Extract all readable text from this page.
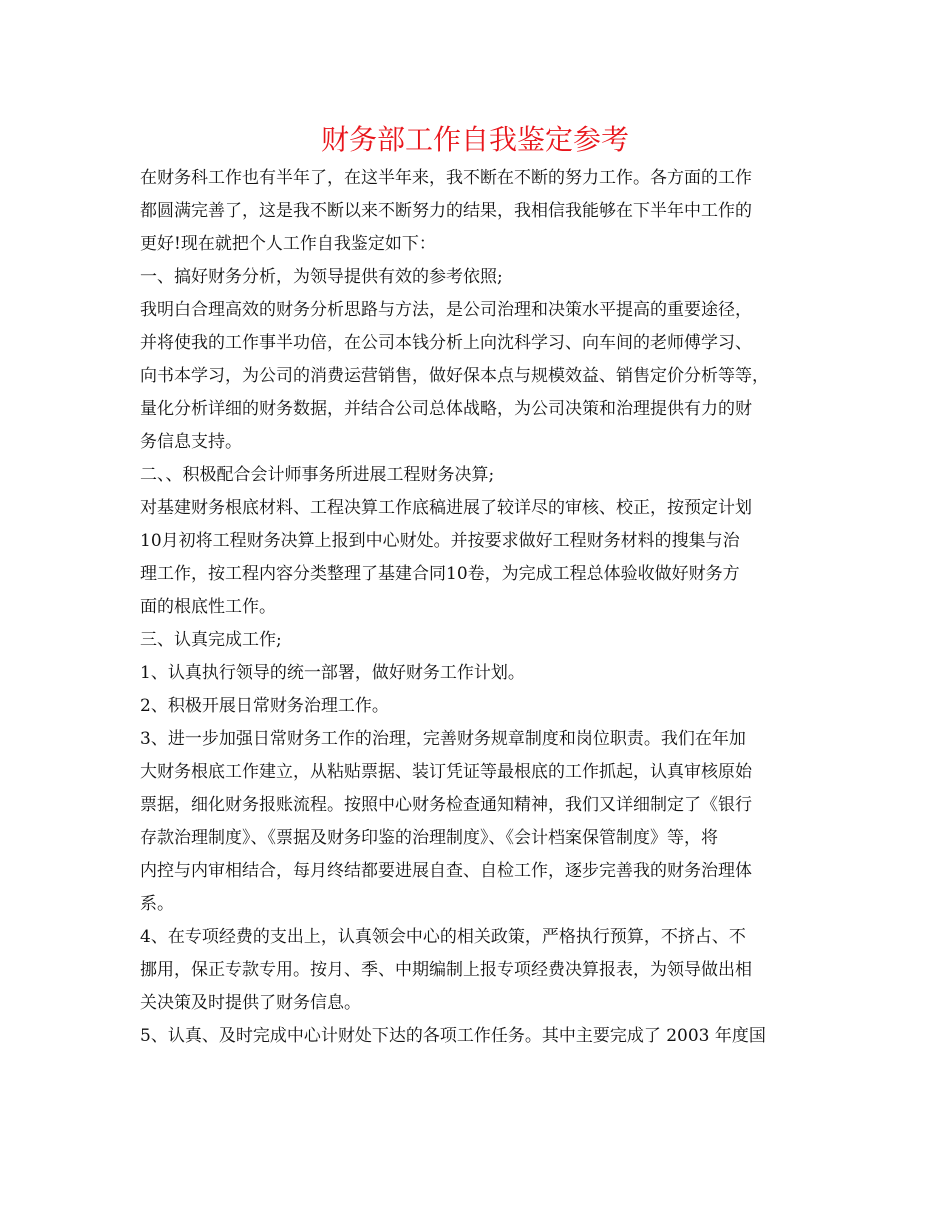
财务部工作自我鉴定参考
在财务科工作也有半年了，在这半年来，我不断在不断的努力工作。各方面的工作
都圆满完善了，这是我不断以来不断努力的结果，我相信我能够在下半年中工作的
更好!现在就把个人工作自我鉴定如下：
一、搞好财务分析，为领导提供有效的参考依照;
我明白合理高效的财务分析思路与方法，是公司治理和决策水平提高的重要途径，
并将使我的工作事半功倍，在公司本钱分析上向沈科学习、向车间的老师傅学习、
向书本学习，为公司的消费运营销售，做好保本点与规模效益、销售定价分析等等，
量化分析详细的财务数据，并结合公司总体战略，为公司决策和治理提供有力的财
务信息支持。
二、、积极配合会计师事务所进展工程财务决算;
对基建财务根底材料、工程决算工作底稿进展了较详尽的审核、校正，按预定计划
10月初将工程财务决算上报到中心财处。并按要求做好工程财务材料的搜集与治
理工作，按工程内容分类整理了基建合同10卷，为完成工程总体验收做好财务方
面的根底性工作。
三、认真完成工作;
1、认真执行领导的统一部署，做好财务工作计划。
2、积极开展日常财务治理工作。
3、进一步加强日常财务工作的治理，完善财务规章制度和岗位职责。我们在年加
大财务根底工作建立，从粘贴票据、装订凭证等最根底的工作抓起，认真审核原始
票据，细化财务报账流程。按照中心财务检查通知精神，我们又详细制定了《银行
存款治理制度》、《票据及财务印鉴的治理制度》、《会计档案保管制度》等，将
内控与内审相结合，每月终结都要进展自查、自检工作，逐步完善我的财务治理体
系。
4、在专项经费的支出上，认真领会中心的相关政策，严格执行预算，不挤占、不
挪用，保正专款专用。按月、季、中期编制上报专项经费决算报表，为领导做出相
关决策及时提供了财务信息。
5、认真、及时完成中心计财处下达的各项工作任务。其中主要完成了 2003 年度国
